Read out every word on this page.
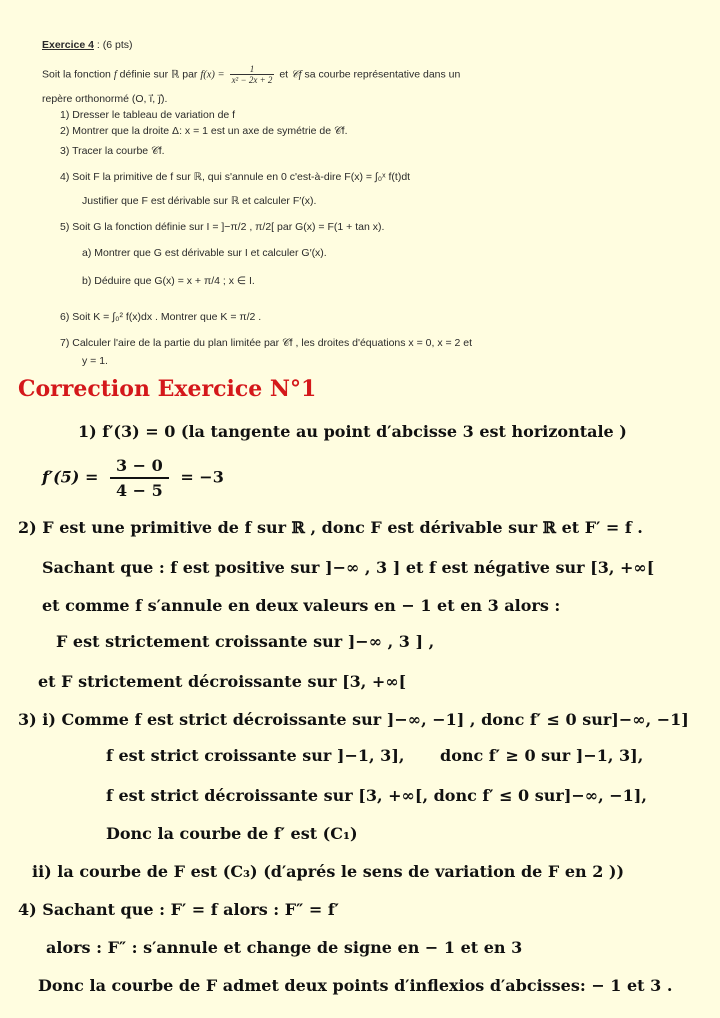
Exercice 4 : (6 pts)
Soit la fonction f définie sur ℝ par $f(x) = \frac{1}{\text{x² − 2x + 2}}$ et 𝒞f sa courbe représentative dans un
repère orthonormé (O, i⃗, j⃗).
1) Dresser le tableau de variation de f
2) Montrer que la droite Δ: x = 1 est un axe de symétrie de 𝒞f.
3) Tracer la courbe 𝒞f.
4) Soit F la primitive de f sur ℝ, qui s'annule en 0 c'est-à-dire F(x) = ∫₀ˣ f(t)dt
Justifier que F est dérivable sur ℝ et calculer F′(x).
5) Soit G la fonction définie sur I = ]−π/2 , π/2[ par G(x) = F(1 + tan x).
a) Montrer que G est dérivable sur I et calculer G′(x).
b) Déduire que G(x) = x + π/4 ; x ∈ I.
6) Soit K = ∫₀² f(x)dx . Montrer que K = π/2 .
7) Calculer l'aire de la partie du plan limitée par 𝒞f , les droites d'équations x = 0, x = 2 et
y = 1.
Correction Exercice N°1
1) f′(3) = 0 (la tangente au point d′abcisse 3 est horizontale )
$f'(5) = \frac{3 - 0}{4 - 5} = -3$
2) F est une primitive de f sur ℝ , donc F est dérivable sur ℝ et F′ = f .
Sachant que : f est positive sur ]−∞ , 3 ] et f est négative sur [3, +∞[
et comme f s′annule en deux valeurs en − 1 et en 3 alors :
F est strictement croissante sur ]−∞ , 3 ] ,
et F strictement décroissante sur [3, +∞[
3) i) Comme f est strict décroissante sur ]−∞, −1] , donc f′ ≤ 0 sur]−∞, −1]
f est strict croissante sur ]−1, 3], donc f′ ≥ 0 sur ]−1, 3],
f est strict décroissante sur [3, +∞[, donc f′ ≤ 0 sur]−∞, −1],
Donc la courbe de f′ est (C₁)
ii) la courbe de F est (C₃) (d′aprés le sens de variation de F en 2 ))
4) Sachant que : F′ = f alors : F″ = f′
alors : F″ : s′annule et change de signe en − 1 et en 3
Donc la courbe de F admet deux points d′inflexios d′abcisses: − 1 et 3 .
